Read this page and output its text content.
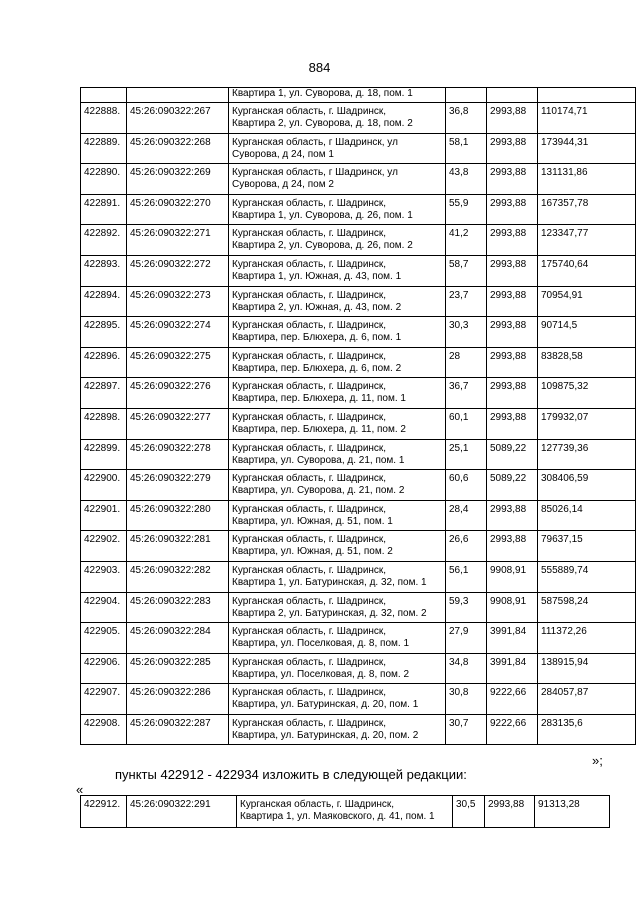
884
		Квартира 1, ул. Суворова, д. 18, пом. 1			
422888.	45:26:090322:267	Курганская область, г. Шадринск,
Квартира 2, ул. Суворова, д. 18, пом. 2	36,8	2993,88	110174,71
422889.	45:26:090322:268	Курганская область, г Шадринск, ул
Суворова, д 24, пом 1	58,1	2993,88	173944,31
422890.	45:26:090322:269	Курганская область, г Шадринск, ул
Суворова, д 24, пом 2	43,8	2993,88	131131,86
422891.	45:26:090322:270	Курганская область, г. Шадринск,
Квартира 1, ул. Суворова, д. 26, пом. 1	55,9	2993,88	167357,78
422892.	45:26:090322:271	Курганская область, г. Шадринск,
Квартира 2, ул. Суворова, д. 26, пом. 2	41,2	2993,88	123347,77
422893.	45:26:090322:272	Курганская область, г. Шадринск,
Квартира 1, ул. Южная, д. 43, пом. 1	58,7	2993,88	175740,64
422894.	45:26:090322:273	Курганская область, г. Шадринск,
Квартира 2, ул. Южная, д. 43, пом. 2	23,7	2993,88	70954,91
422895.	45:26:090322:274	Курганская область, г. Шадринск,
Квартира, пер. Блюхера, д. 6, пом. 1	30,3	2993,88	90714,5
422896.	45:26:090322:275	Курганская область, г. Шадринск,
Квартира, пер. Блюхера, д. 6, пом. 2	28	2993,88	83828,58
422897.	45:26:090322:276	Курганская область, г. Шадринск,
Квартира, пер. Блюхера, д. 11, пом. 1	36,7	2993,88	109875,32
422898.	45:26:090322:277	Курганская область, г. Шадринск,
Квартира, пер. Блюхера, д. 11, пом. 2	60,1	2993,88	179932,07
422899.	45:26:090322:278	Курганская область, г. Шадринск,
Квартира, ул. Суворова, д. 21, пом. 1	25,1	5089,22	127739,36
422900.	45:26:090322:279	Курганская область, г. Шадринск,
Квартира, ул. Суворова, д. 21, пом. 2	60,6	5089,22	308406,59
422901.	45:26:090322:280	Курганская область, г. Шадринск,
Квартира, ул. Южная, д. 51, пом. 1	28,4	2993,88	85026,14
422902.	45:26:090322:281	Курганская область, г. Шадринск,
Квартира, ул. Южная, д. 51, пом. 2	26,6	2993,88	79637,15
422903.	45:26:090322:282	Курганская область, г. Шадринск,
Квартира 1, ул. Батуринская, д. 32, пом. 1	56,1	9908,91	555889,74
422904.	45:26:090322:283	Курганская область, г. Шадринск,
Квартира 2, ул. Батуринская, д. 32, пом. 2	59,3	9908,91	587598,24
422905.	45:26:090322:284	Курганская область, г. Шадринск,
Квартира, ул. Поселковая, д. 8, пом. 1	27,9	3991,84	111372,26
422906.	45:26:090322:285	Курганская область, г. Шадринск,
Квартира, ул. Поселковая, д. 8, пом. 2	34,8	3991,84	138915,94
422907.	45:26:090322:286	Курганская область, г. Шадринск,
Квартира, ул. Батуринская, д. 20, пом. 1	30,8	9222,66	284057,87
422908.	45:26:090322:287	Курганская область, г. Шадринск,
Квартира, ул. Батуринская, д. 20, пом. 2	30,7	9222,66	283135,6
»;
пункты 422912 - 422934 изложить в следующей редакции:
«
422912.	45:26:090322:291	Курганская область, г. Шадринск,
Квартира 1, ул. Маяковского, д. 41, пом. 1
	30,5	2993,88	91313,28
